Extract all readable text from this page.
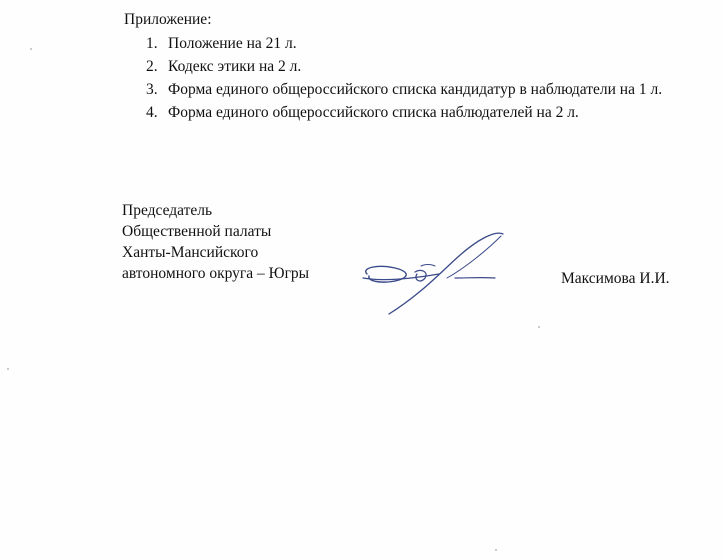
Приложение:
1. Положение на 21 л.
2. Кодекс этики на 2 л.
3. Форма единого общероссийского списка кандидатур в наблюдатели на 1 л.
4. Форма единого общероссийского списка наблюдателей на 2 л.
Председатель
Общественной палаты
Ханты-Мансийского
автономного округа – Югры	Максимова И.И.
